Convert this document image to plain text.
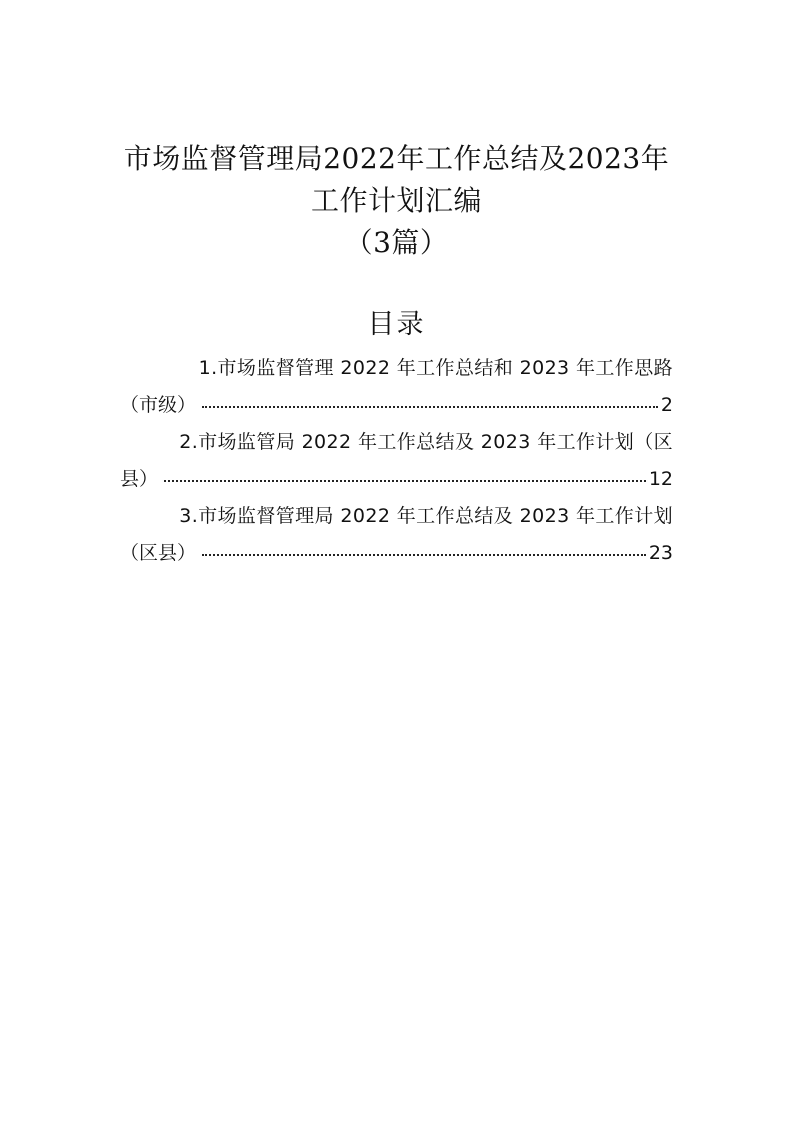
市场监督管理局2022年工作总结及2023年
工作计划汇编
（3篇）
目录
1.市场监督管理 2022 年工作总结和 2023 年工作思路
（市级）	2
2.市场监管局 2022 年工作总结及 2023 年工作计划（区
县）	12
3.市场监督管理局 2022 年工作总结及 2023 年工作计划
（区县）	23
